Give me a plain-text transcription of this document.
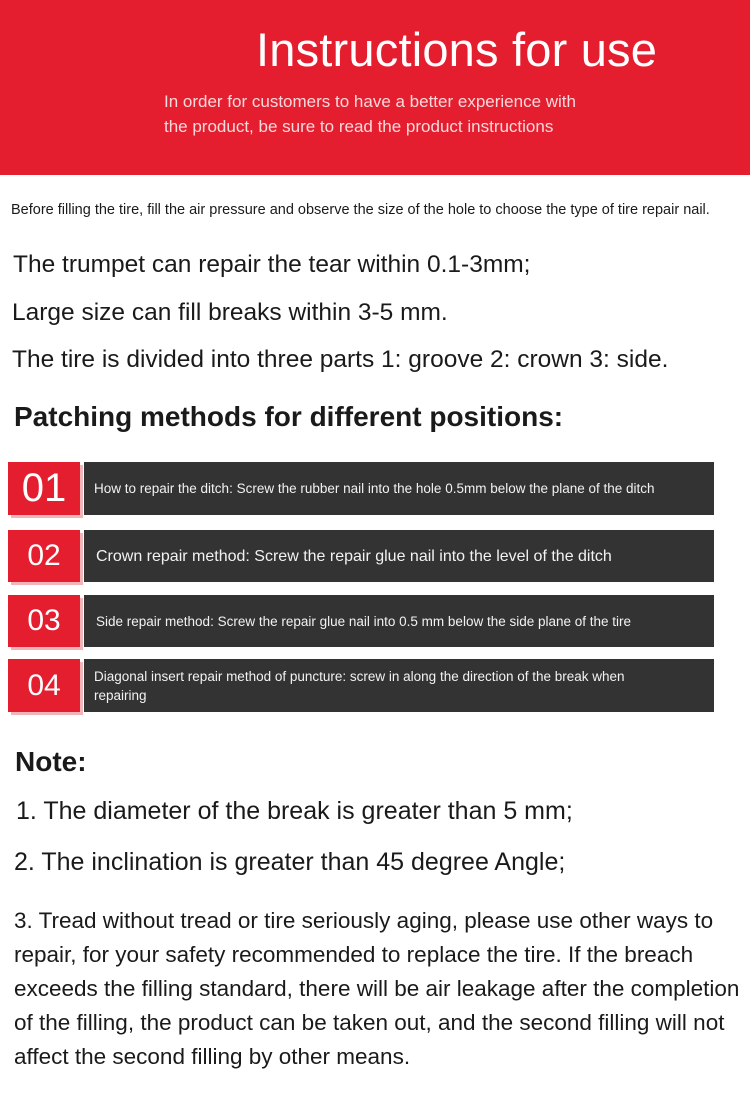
Instructions for use

In order for customers to have a better experience with the product, be sure to read the product instructions

Before filling the tire, fill the air pressure and observe the size of the hole to choose the type of tire repair nail.

The trumpet can repair the tear within 0.1-3mm;

Large size can fill breaks within 3-5 mm.

The tire is divided into three parts 1: groove 2: crown 3: side.

Patching methods for different positions:
01	How to repair the ditch: Screw the rubber nail into the hole 0.5mm below the plane of the ditch
02	Crown repair method: Screw the repair glue nail into the level of the ditch
03	Side repair method: Screw the repair glue nail into 0.5 mm below the side plane of the tire
04	Diagonal insert repair method of puncture: screw in along the direction of the break when repairing
Note:

1. The diameter of the break is greater than 5 mm;

2. The inclination is greater than 45 degree Angle;

3. Tread without tread or tire seriously aging, please use other ways to repair, for your safety recommended to replace the tire. If the breach exceeds the filling standard, there will be air leakage after the completion of the filling, the product can be taken out, and the second filling will not affect the second filling by other means.
